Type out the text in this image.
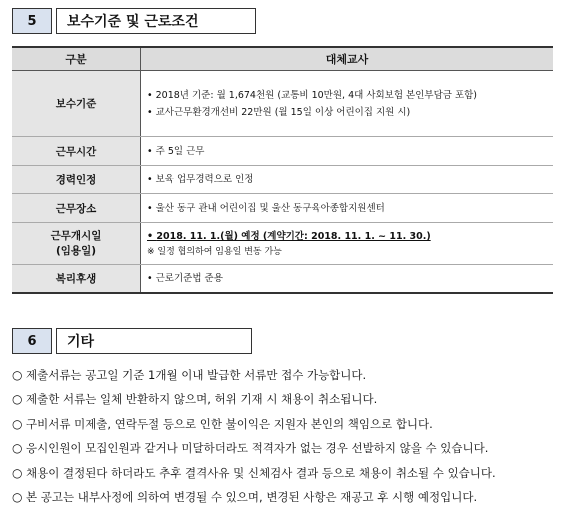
5	보수기준 및 근로조건
구분	대체교사
보수기준	• 2018년 기준: 월 1,674천원 (교통비 10만원, 4대 사회보험 본인부담금 포함)
• 교사근무환경개선비 22만원 (월 15일 이상 어린이집 지원 시)

근무시간	• 주 5일 근무

경력인정	• 보육 업무경력으로 인정

근무장소	• 울산 동구 관내 어린이집 및 울산 동구육아종합지원센터

근무개시일
(임용일)	• 2018. 11. 1.(월) 예정 (계약기간: 2018. 11. 1. ~ 11. 30.)
※ 일정 협의하여 임용일 변동 가능

복리후생	• 근로기준법 준용
6	기타
○ 제출서류는 공고일 기준 1개월 이내 발급한 서류만 접수 가능합니다.
○ 제출한 서류는 일체 반환하지 않으며, 허위 기재 시 채용이 취소됩니다.
○ 구비서류 미제출, 연락두절 등으로 인한 불이익은 지원자 본인의 책임으로 합니다.
○ 응시인원이 모집인원과 같거나 미달하더라도 적격자가 없는 경우 선발하지 않을 수 있습니다.
○ 채용이 결정된다 하더라도 추후 결격사유 및 신체검사 결과 등으로 채용이 취소될 수 있습니다.
○ 본 공고는 내부사정에 의하여 변경될 수 있으며, 변경된 사항은 재공고 후 시행 예정입니다.
